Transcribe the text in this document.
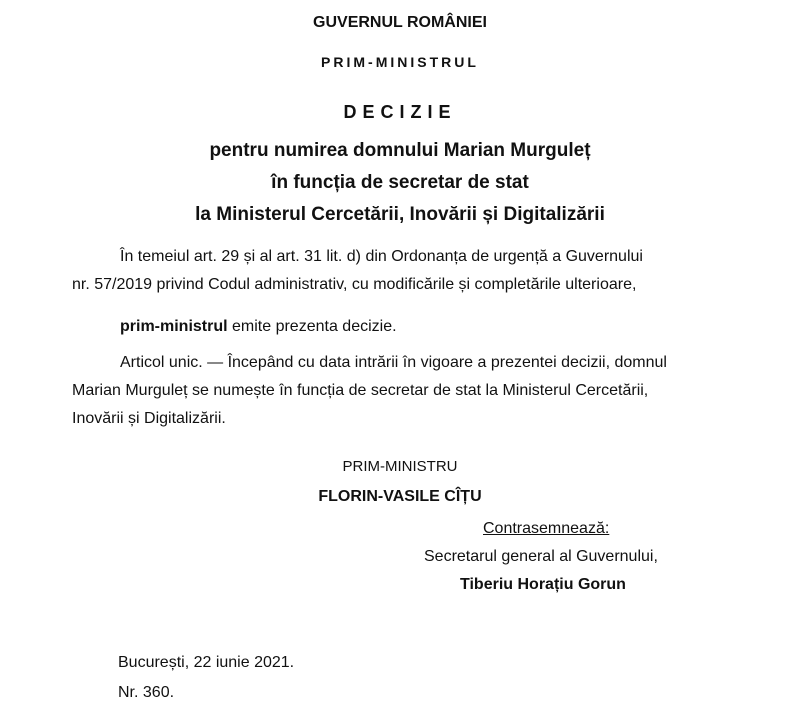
GUVERNUL ROMÂNIEI
PRIM-MINISTRUL
DECIZIE
pentru numirea domnului Marian Murguleț
în funcția de secretar de stat
la Ministerul Cercetării, Inovării și Digitalizării
În temeiul art. 29 și al art. 31 lit. d) din Ordonanța de urgență a Guvernului
nr. 57/2019 privind Codul administrativ, cu modificările și completările ulterioare,
prim-ministrul emite prezenta decizie.
Articol unic. — Începând cu data intrării în vigoare a prezentei decizii, domnul
Marian Murguleț se numește în funcția de secretar de stat la Ministerul Cercetării,
Inovării și Digitalizării.
PRIM-MINISTRU
FLORIN-VASILE CÎȚU
Contrasemnează:
Secretarul general al Guvernului,
Tiberiu Horațiu Gorun
București, 22 iunie 2021.
Nr. 360.
